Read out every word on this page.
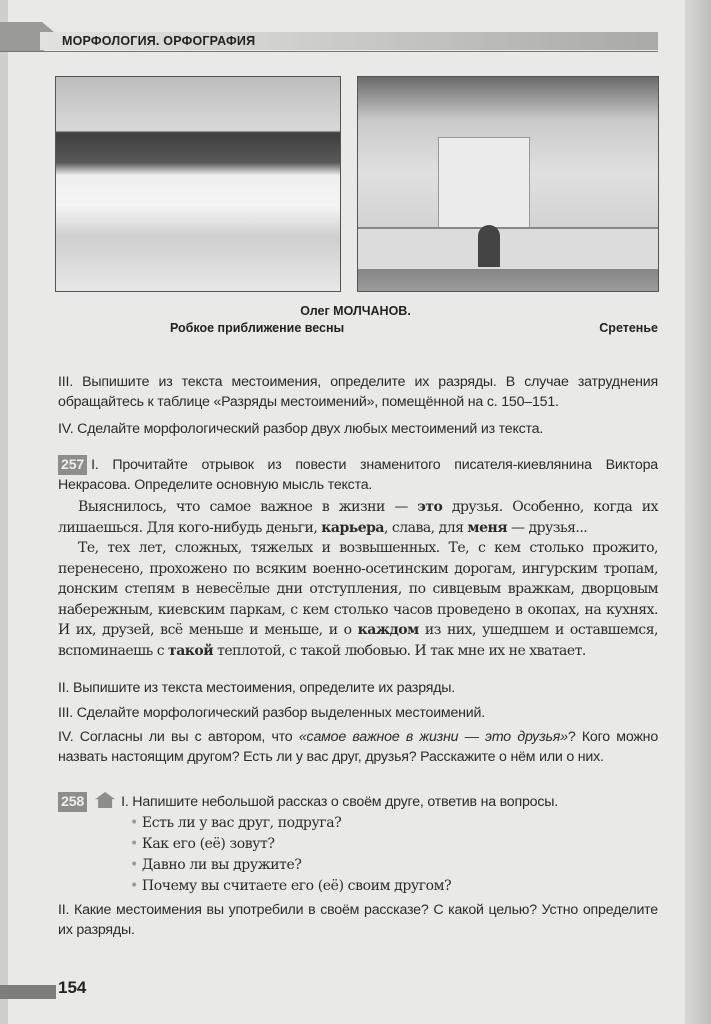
МОРФОЛОГИЯ. ОРФОГРАФИЯ
Олег МОЛЧАНОВ.
Робкое приближение весны	Сретенье
III. Выпишите из текста местоимения, определите их разряды. В случае затруднения обращайтесь к таблице «Разряды местоимений», помещённой на с. 150–151.
IV. Сделайте морфологический разбор двух любых местоимений из текста.
257 I. Прочитайте отрывок из повести знаменитого писателя-киевлянина Виктора Некрасова. Определите основную мысль текста.

Выяснилось, что самое важное в жизни — это друзья. Особенно, когда их лишаешься. Для кого-нибудь деньги, карьера, слава, для меня — друзья...

Те, тех лет, сложных, тяжелых и возвышенных. Те, с кем столько прожито, перенесено, прохожено по всяким военно-осетинским дорогам, ингурским тропам, донским степям в невесёлые дни отступления, по сивцевым вражкам, дворцовым набережным, киевским паркам, с кем столько часов проведено в окопах, на кухнях. И их, друзей, всё меньше и меньше, и о каждом из них, ушедшем и оставшемся, вспоминаешь с такой теплотой, с такой любовью. И так мне их не хватает.

II. Выпишите из текста местоимения, определите их разряды.
III. Сделайте морфологический разбор выделенных местоимений.
IV. Согласны ли вы с автором, что «самое важное в жизни — это друзья»? Кого можно назвать настоящим другом? Есть ли у вас друг, друзья? Расскажите о нём или о них.
258	I. Напишите небольшой рассказ о своём друге, ответив на вопросы.
• Есть ли у вас друг, подруга?
• Как его (её) зовут?
• Давно ли вы дружите?
• Почему вы считаете его (её) своим другом?
II. Какие местоимения вы употребили в своём рассказе? С какой целью? Устно определите их разряды.
154
